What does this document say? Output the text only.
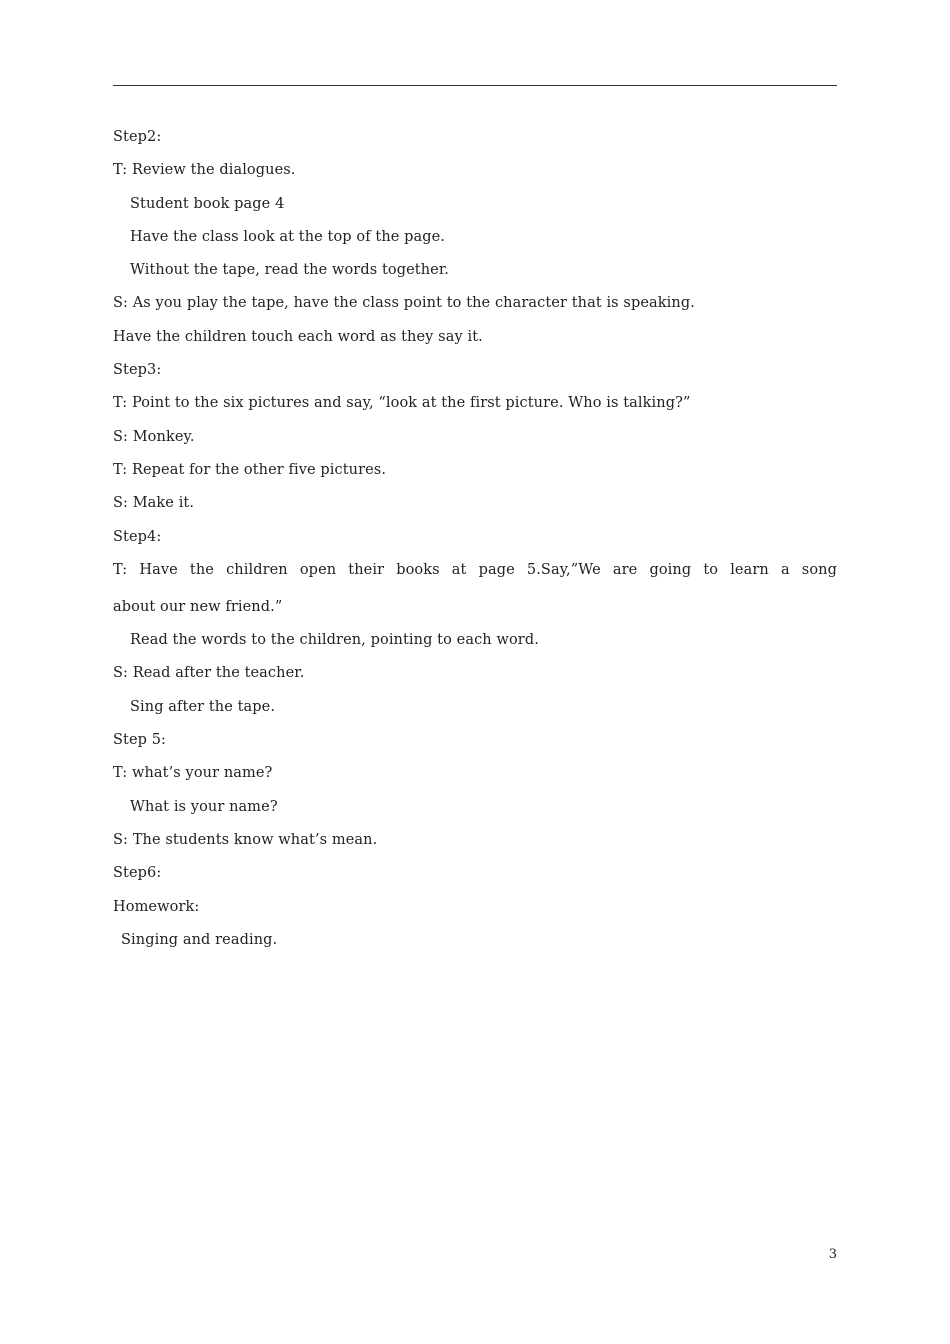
Step2:
T: Review the dialogues.
Student book page 4
Have the class look at the top of the page.
Without the tape, read the words together.
S: As you play the tape, have the class point to the character that is speaking.
Have the children touch each word as they say it.
Step3:
T: Point to the six pictures and say, “look at the first picture. Who is talking?”
S: Monkey.
T: Repeat for the other five pictures.
S: Make it.
Step4:
T: Have the children open their books at page 5.Say,”We are going to learn a song
about our new friend.”
Read the words to the children, pointing to each word.
S: Read after the teacher.
Sing after the tape.
Step 5:
T: what’s your name?
What is your name?
S: The students know what’s mean.
Step6:
Homework:
Singing and reading.
3
